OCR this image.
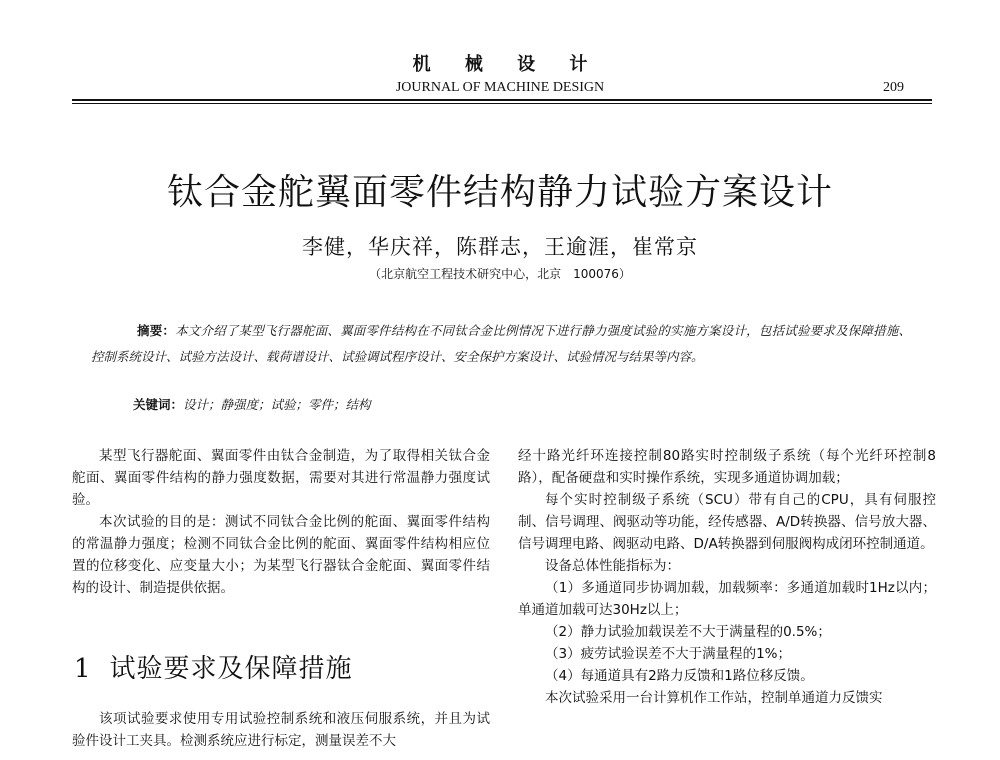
机 械 设 计
JOURNAL OF MACHINE DESIGN	209
钛合金舵翼面零件结构静力试验方案设计
李健，华庆祥，陈群志，王逾涯，崔常京
（北京航空工程技术研究中心，北京　100076）
摘要：本文介绍了某型飞行器舵面、翼面零件结构在不同钛合金比例情况下进行静力强度试验的实施方案设计，包括试验要求及保障措施、控制系统设计、试验方法设计、载荷谱设计、试验调试程序设计、安全保护方案设计、试验情况与结果等内容。
关键词：设计；静强度；试验；零件；结构

某型飞行器舵面、翼面零件由钛合金制造，为了取得相关钛合金舵面、翼面零件结构的静力强度数据，需要对其进行常温静力强度试验。

本次试验的目的是：测试不同钛合金比例的舵面、翼面零件结构的常温静力强度；检测不同钛合金比例的舵面、翼面零件结构相应位置的位移变化、应变量大小；为某型飞行器钛合金舵面、翼面零件结构的设计、制造提供依据。

1 试验要求及保障措施

该项试验要求使用专用试验控制系统和液压伺服系统，并且为试验件设计工夹具。检测系统应进行标定，测量误差不大

经十路光纤环连接控制80路实时控制级子系统（每个光纤环控制8路），配备硬盘和实时操作系统，实现多通道协调加载；

每个实时控制级子系统（SCU）带有自己的CPU，具有伺服控制、信号调理、阀驱动等功能，经传感器、A/D转换器、信号放大器、信号调理电路、阀驱动电路、D/A转换器到伺服阀构成闭环控制通道。

设备总体性能指标为：

（1）多通道同步协调加载，加载频率：多通道加载时1Hz以内；单通道加载可达30Hz以上；

（2）静力试验加载误差不大于满量程的0.5%；

（3）疲劳试验误差不大于满量程的1%；

（4）每通道具有2路力反馈和1路位移反馈。

本次试验采用一台计算机作工作站，控制单通道力反馈实
